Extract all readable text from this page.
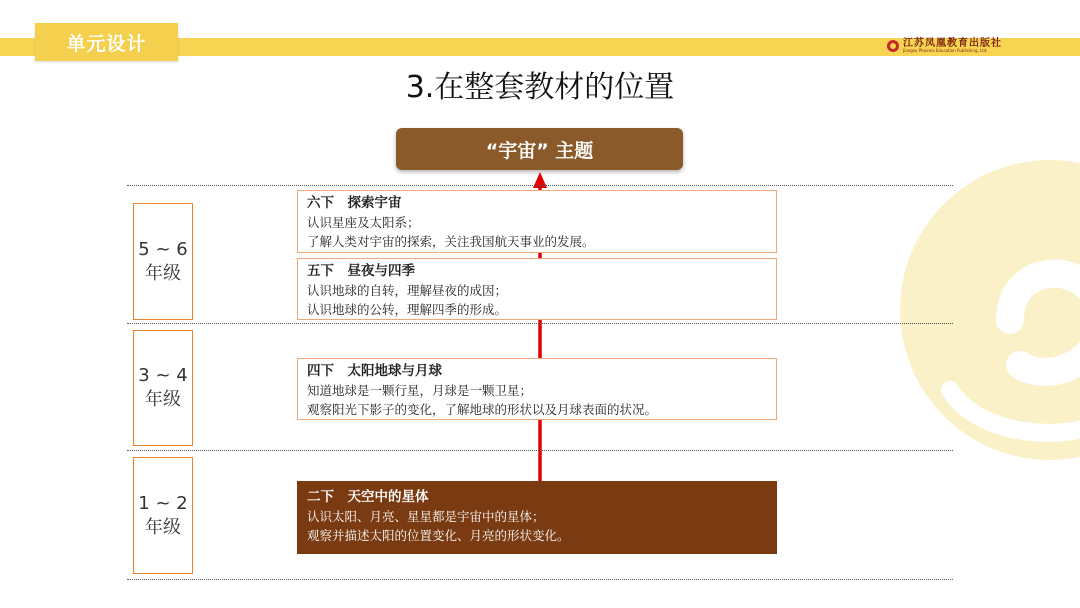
单元设计	江苏凤凰教育出版社
Jiangsu Phoenix Education Publishing, Ltd.
3.在整套教材的位置
“宇宙” 主题
5 ~ 6
年级
3 ~ 4
年级
1 ~ 2
年级
六下　探索宇宙
认识星座及太阳系；
了解人类对宇宙的探索，关注我国航天事业的发展。
五下　昼夜与四季
认识地球的自转，理解昼夜的成因；
认识地球的公转，理解四季的形成。
四下　太阳地球与月球
知道地球是一颗行星，月球是一颗卫星；
观察阳光下影子的变化，了解地球的形状以及月球表面的状况。
二下　天空中的星体
认识太阳、月亮、星星都是宇宙中的星体；
观察并描述太阳的位置变化、月亮的形状变化。
